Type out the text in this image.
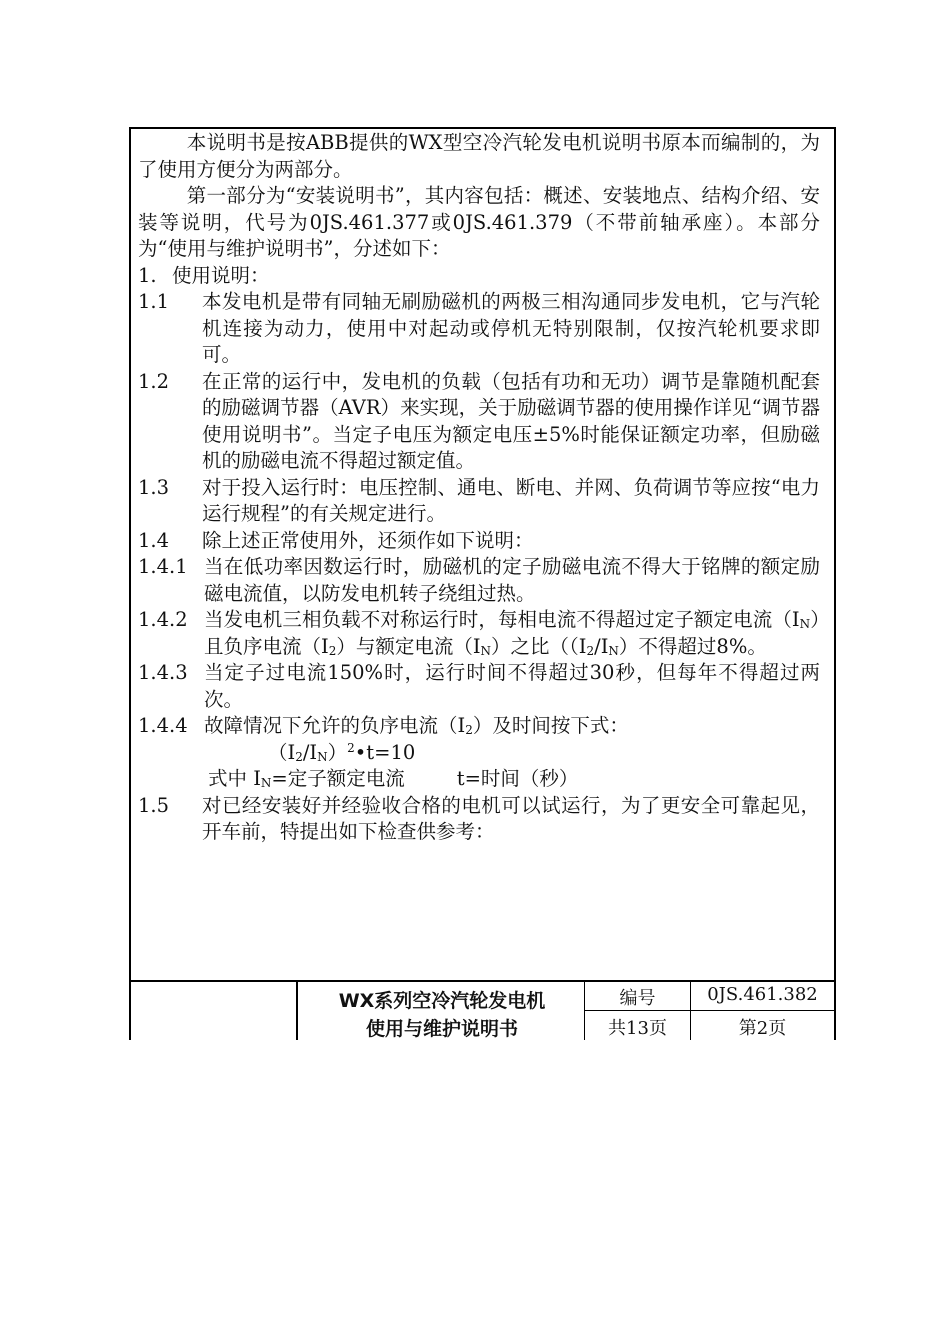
本说明书是按ABB提供的WX型空冷汽轮发电机说明书原本而编制的，为了使用方便分为两部分。

第一部分为“安装说明书”，其内容包括：概述、安装地点、结构介绍、安装等说明，代号为0JS.461.377或0JS.461.379（不带前轴承座）。本部分为“使用与维护说明书”，分述如下：

1. 使用说明：
1.1	本发电机是带有同轴无刷励磁机的两极三相沟通同步发电机，它与汽轮机连接为动力，使用中对起动或停机无特别限制，仅按汽轮机要求即可。
1.2	在正常的运行中，发电机的负载（包括有功和无功）调节是靠随机配套的励磁调节器（AVR）来实现，关于励磁调节器的使用操作详见“调节器使用说明书”。当定子电压为额定电压±5%时能保证额定功率，但励磁机的励磁电流不得超过额定值。
1.3	对于投入运行时：电压控制、通电、断电、并网、负荷调节等应按“电力运行规程”的有关规定进行。
1.4	除上述正常使用外，还须作如下说明：
1.4.1 当在低功率因数运行时，励磁机的定子励磁电流不得大于铭牌的额定励磁电流值，以防发电机转子绕组过热。
1.4.2 当发电机三相负载不对称运行时，每相电流不得超过定子额定电流$(I_N)$且负序电流$(I_2)$与额定电流$(I_N)$之比（$(I_2/I_N)$不得超过8%。
1.4.3 当定子过电流150%时，运行时间不得超过30秒，但每年不得超过两次。
1.4.4 故障情况下允许的负序电流$(I_2)$及时间按下式：
$(I_2/I_N)^2•t=10$
式中 $I_N=$定子额定电流	t=时间（秒）
1.5	对已经安装好并经验收合格的电机可以试运行，为了更安全可靠起见，开车前，特提出如下检查供参考：
WX系列空冷汽轮发电机
使用与维护说明书
编号	0JS.461.382
共13页	第2页
